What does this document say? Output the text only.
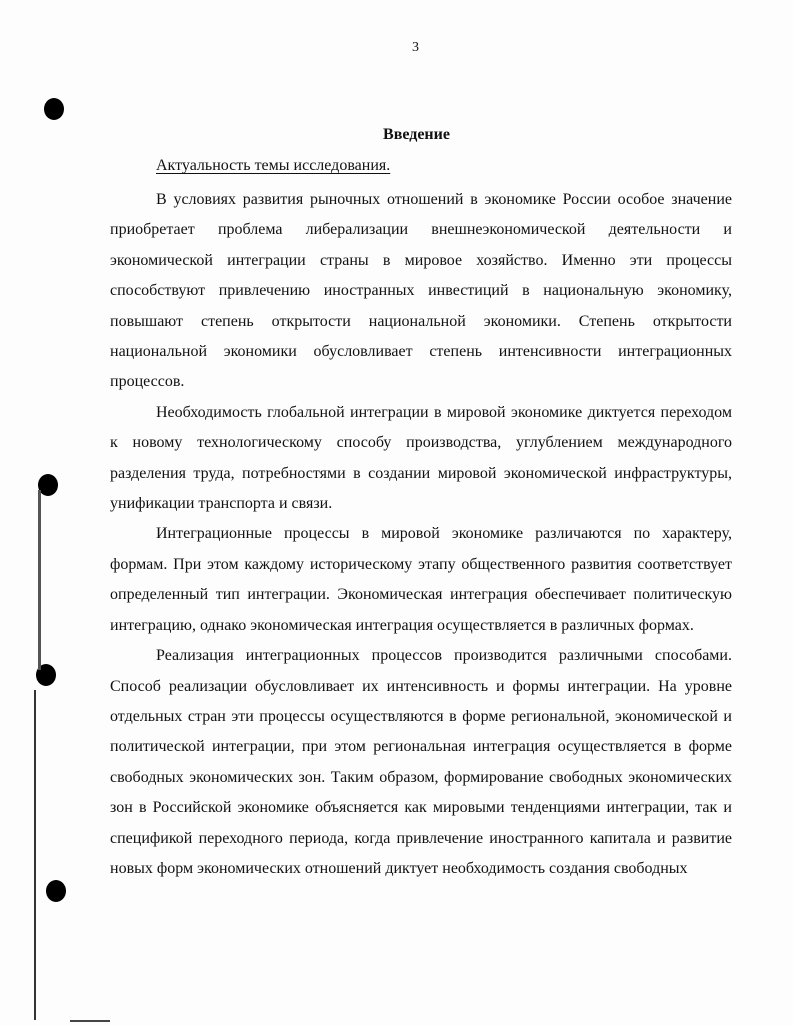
3
Введение
Актуальность темы исследования.

В условиях развития рыночных отношений в экономике России особое значение приобретает проблема либерализации внешнеэкономической деятельности и экономической интеграции страны в мировое хозяйство. Именно эти процессы способствуют привлечению иностранных инвестиций в национальную экономику, повышают степень открытости национальной экономики. Степень открытости национальной экономики обусловливает степень интенсивности интеграционных процессов.

Необходимость глобальной интеграции в мировой экономике диктуется переходом к новому технологическому способу производства, углублением международного разделения труда, потребностями в создании мировой экономической инфраструктуры, унификации транспорта и связи.

Интеграционные процессы в мировой экономике различаются по характеру, формам. При этом каждому историческому этапу общественного развития соответствует определенный тип интеграции. Экономическая интеграция обеспечивает политическую интеграцию, однако экономическая интеграция осуществляется в различных формах.

Реализация интеграционных процессов производится различными способами. Способ реализации обусловливает их интенсивность и формы интеграции. На уровне отдельных стран эти процессы осуществляются в форме региональной, экономической и политической интеграции, при этом региональная интеграция осуществляется в форме свободных экономических зон. Таким образом, формирование свободных экономических зон в Российской экономике объясняется как мировыми тенденциями интеграции, так и спецификой переходного периода, когда привлечение иностранного капитала и развитие новых форм экономических отношений диктует необходимость создания свободных
